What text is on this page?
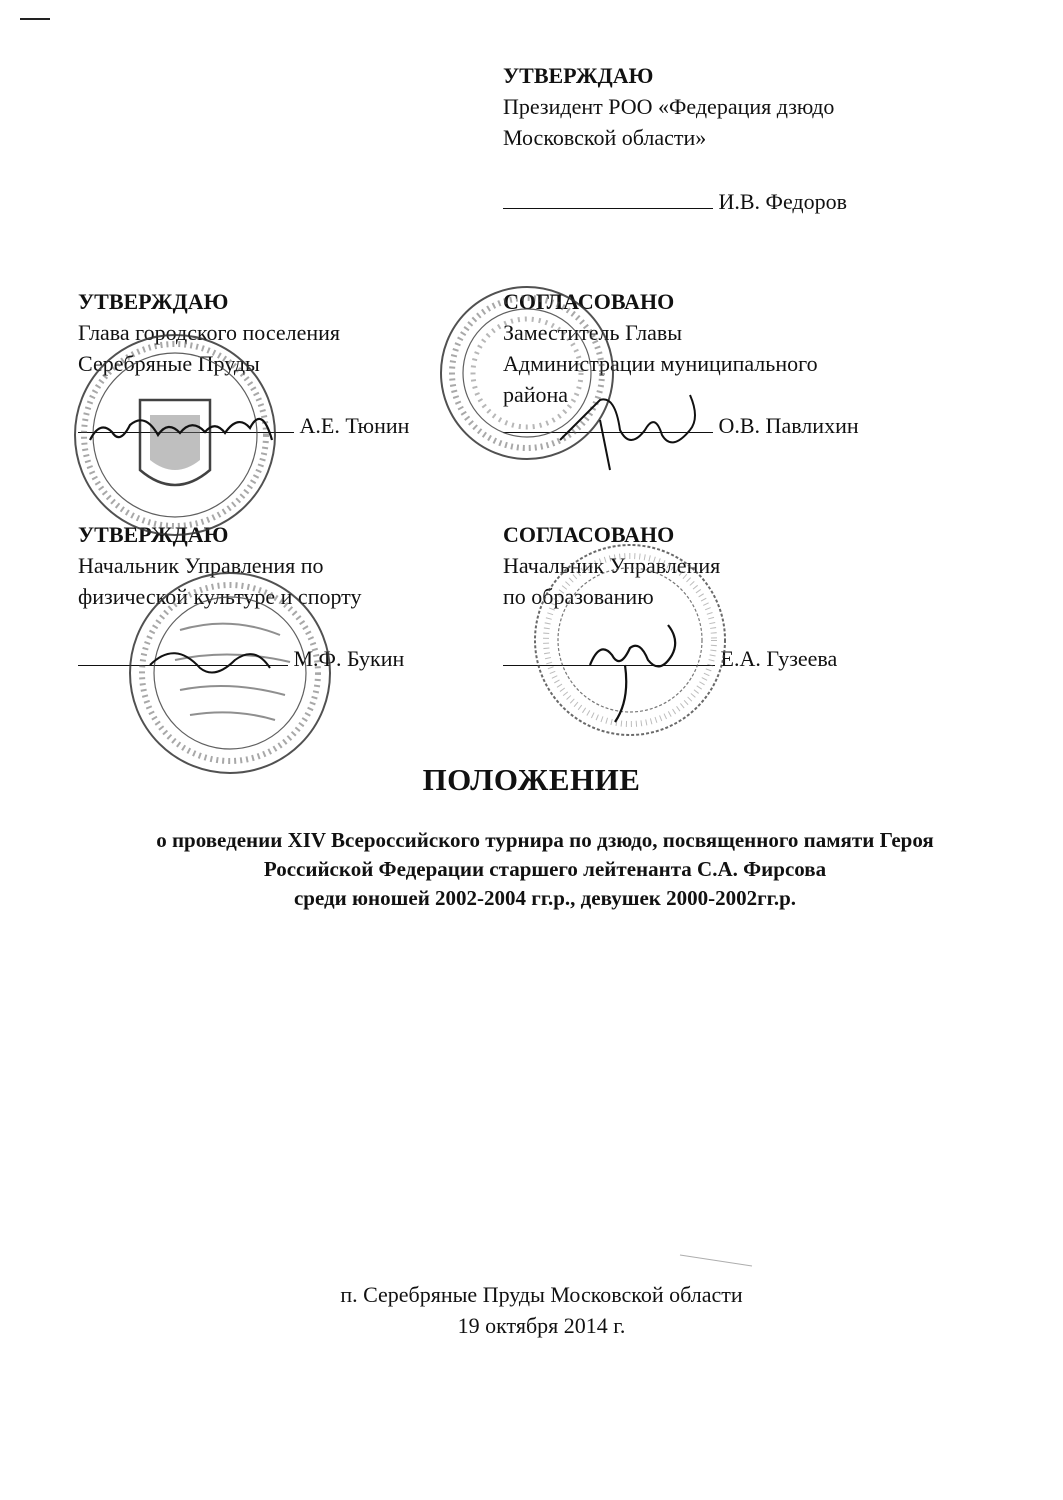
УТВЕРЖДАЮ
Президент РОО «Федерация дзюдо
Московской области»
И.В. Федоров
УТВЕРЖДАЮ
Глава городского поселения
Серебряные Пруды
А.Е. Тюнин
СОГЛАСОВАНО
Заместитель Главы
Администрации муниципального
района
О.В. Павлихин
УТВЕРЖДАЮ
Начальник Управления по
физической культуре и спорту
М.Ф. Букин
СОГЛАСОВАНО
Начальник Управления
по образованию
Е.А. Гузеева
ПОЛОЖЕНИЕ
о проведении XIV Всероссийского турнира по дзюдо, посвященного памяти Героя
Российской Федерации старшего лейтенанта С.А. Фирсова
среди юношей 2002-2004 гг.р., девушек 2000-2002гг.р.
п. Серебряные Пруды Московской области
19 октября 2014 г.
